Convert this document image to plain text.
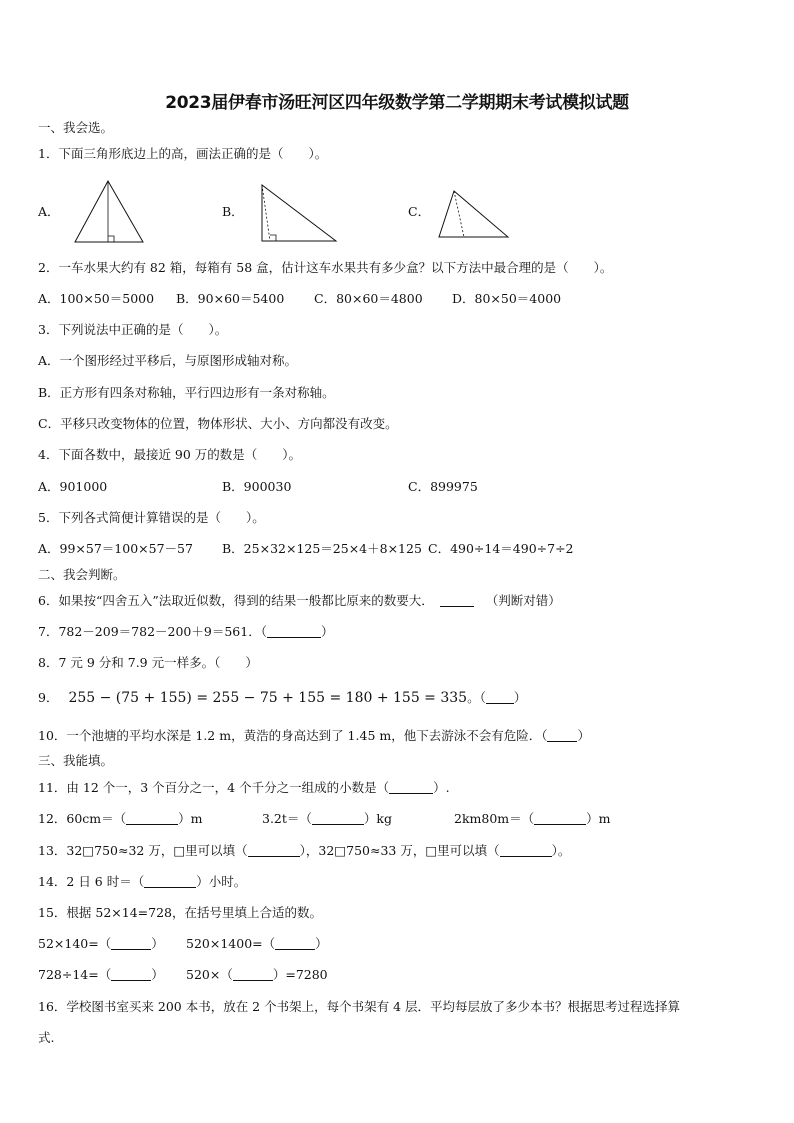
2023届伊春市汤旺河区四年级数学第二学期期末考试模拟试题
一、我会选。
1．下面三角形底边上的高，画法正确的是（　　）。
A．	B．	C．
2．一车水果大约有 82 箱，每箱有 58 盒，估计这车水果共有多少盒？以下方法中最合理的是（　　）。
A．100×50＝5000 B．90×60＝5400 C．80×60＝4800 D．80×50＝4000
3．下列说法中正确的是（　　）。
A．一个图形经过平移后，与原图形成轴对称。
B．正方形有四条对称轴，平行四边形有一条对称轴。
C．平移只改变物体的位置，物体形状、大小、方向都没有改变。
4．下面各数中，最接近 90 万的数是（　　）。
A．901000	B．900030	C．899975
5．下列各式简便计算错误的是（　　）。
A．99×57＝100×57－57 B．25×32×125＝25×4＋8×125 C．490÷14＝490÷7÷2
二、我会判断。
6．如果按“四舍五入”法取近似数，得到的结果一般都比原来的数要大．	（判断对错）
7．782－209＝782－200＋9＝561．（	）
8．7 元 9 分和 7.9 元一样多。（　　）
9． 255 − (75 + 155) = 255 − 75 + 155 = 180 + 155 = 335。（ ）
10．一个池塘的平均水深是 1.2 m，黄浩的身高达到了 1.45 m，他下去游泳不会有危险．（ ）
三、我能填。
11．由 12 个一，3 个百分之一，4 个千分之一组成的小数是（	）.
12．60cm＝（	）m	3.2t＝（	）kg	2km80m＝（	）m
13．32□750≈32 万，□里可以填（	），32□750≈33 万，□里可以填（	）。
14．2 日 6 时＝（	）小时。
15．根据 52×14=728，在括号里填上合适的数。
52×140=（	） 520×1400=（	）
728÷14=（	） 520×（	）=7280
16．学校图书室买来 200 本书，放在 2 个书架上，每个书架有 4 层．平均每层放了多少本书？根据思考过程选择算
式.
